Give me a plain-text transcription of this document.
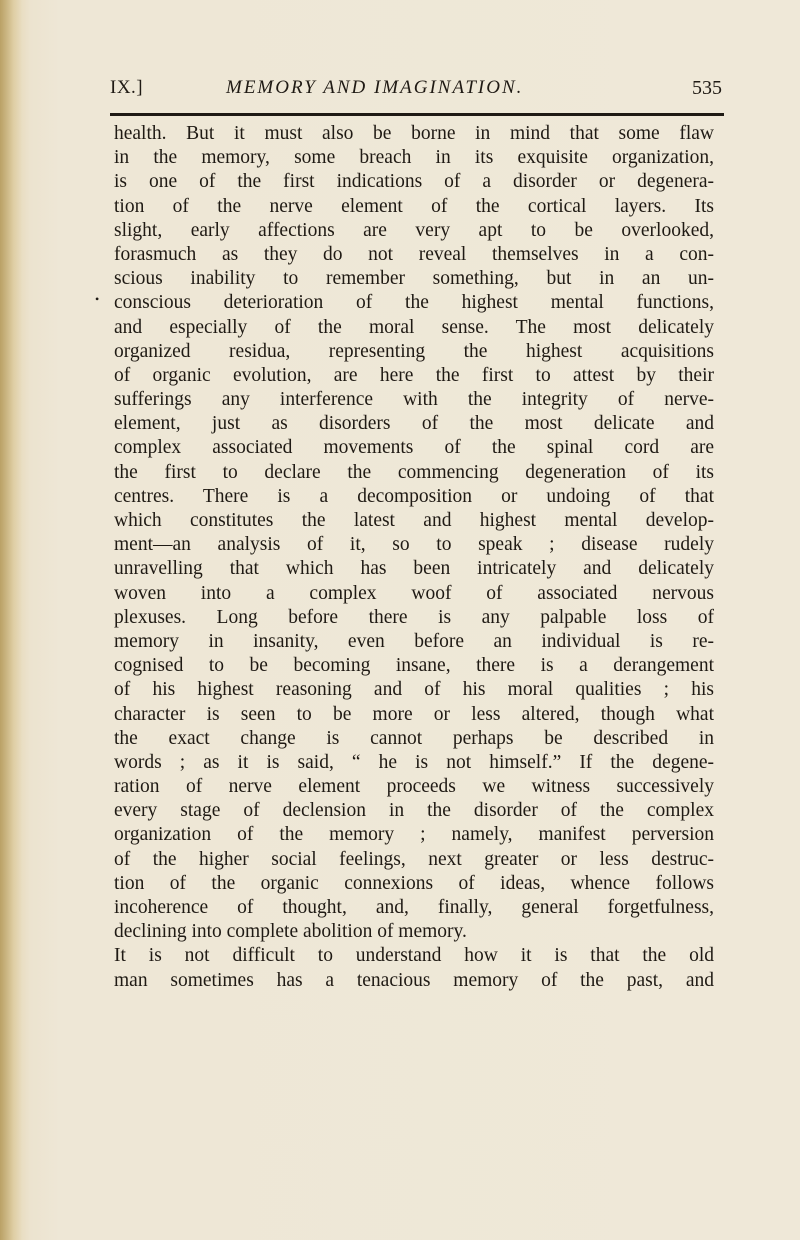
IX.]	MEMORY AND IMAGINATION.	535
•
health. But it must also be borne in mind that some flaw
in the memory, some breach in its exquisite organization,
is one of the first indications of a disorder or degenera-
tion of the nerve element of the cortical layers. Its
slight, early affections are very apt to be overlooked,
forasmuch as they do not reveal themselves in a con-
scious inability to remember something, but in an un-
conscious deterioration of the highest mental functions,
and especially of the moral sense. The most delicately
organized residua, representing the highest acquisitions
of organic evolution, are here the first to attest by their
sufferings any interference with the integrity of nerve-
element, just as disorders of the most delicate and
complex associated movements of the spinal cord are
the first to declare the commencing degeneration of its
centres. There is a decomposition or undoing of that
which constitutes the latest and highest mental develop-
ment—an analysis of it, so to speak ; disease rudely
unravelling that which has been intricately and delicately
woven into a complex woof of associated nervous
plexuses. Long before there is any palpable loss of
memory in insanity, even before an individual is re-
cognised to be becoming insane, there is a derangement
of his highest reasoning and of his moral qualities ; his
character is seen to be more or less altered, though what
the exact change is cannot perhaps be described in
words ; as it is said, “ he is not himself.” If the degene-
ration of nerve element proceeds we witness successively
every stage of declension in the disorder of the complex
organization of the memory ; namely, manifest perversion
of the higher social feelings, next greater or less destruc-
tion of the organic connexions of ideas, whence follows
incoherence of thought, and, finally, general forgetfulness,
declining into complete abolition of memory.
It is not difficult to understand how it is that the old
man sometimes has a tenacious memory of the past, and
